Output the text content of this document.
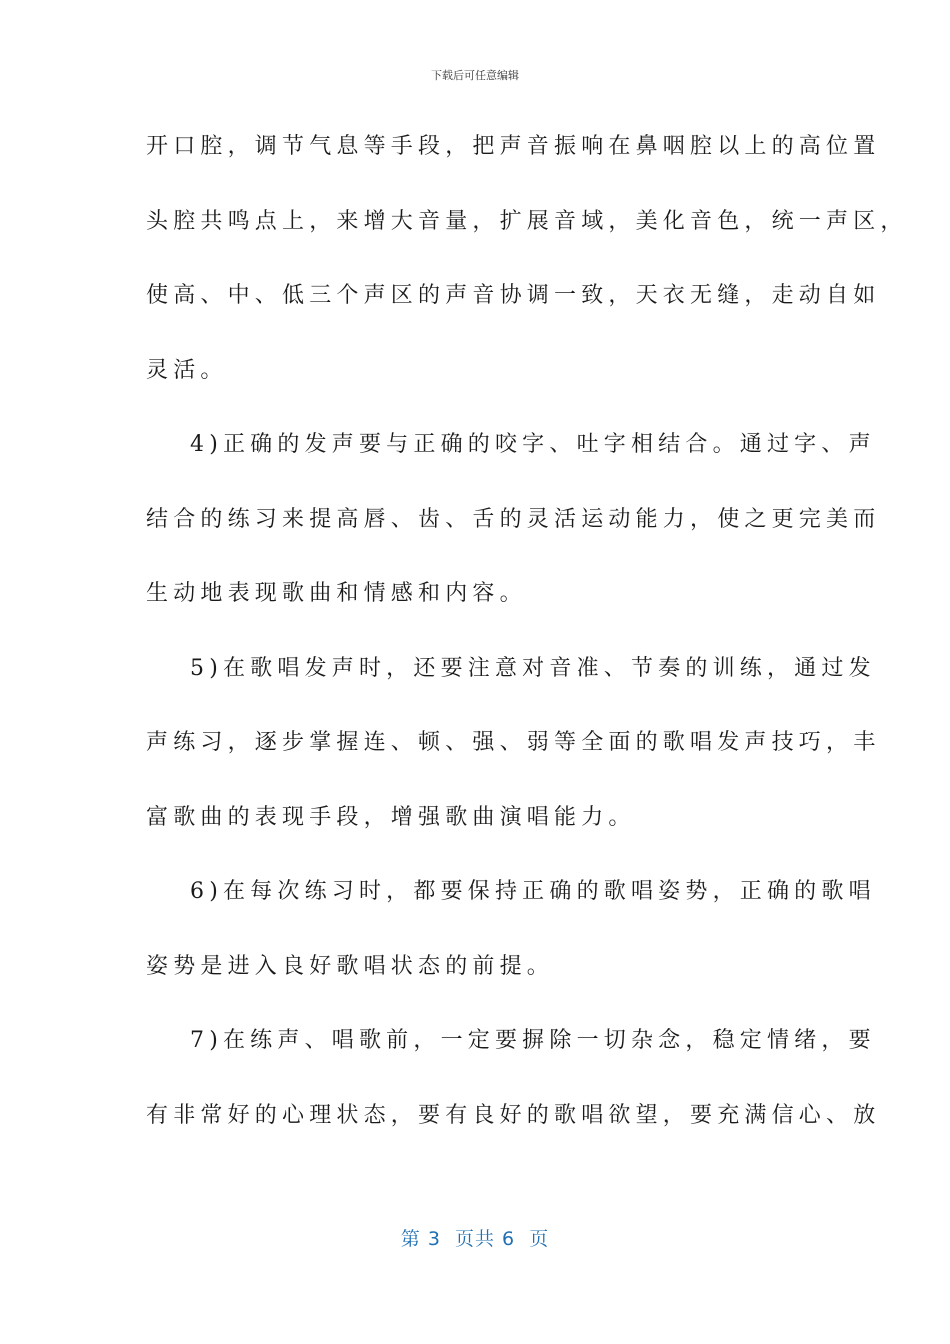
下载后可任意编辑
开口腔，调节气息等手段，把声音振响在鼻咽腔以上的高位置
头腔共鸣点上，来增大音量，扩展音域，美化音色，统一声区，
使高、中、低三个声区的声音协调一致，天衣无缝，走动自如
灵活。
4)正确的发声要与正确的咬字、吐字相结合。通过字、声
结合的练习来提高唇、齿、舌的灵活运动能力，使之更完美而
生动地表现歌曲和情感和内容。
5)在歌唱发声时，还要注意对音准、节奏的训练，通过发
声练习，逐步掌握连、顿、强、弱等全面的歌唱发声技巧，丰
富歌曲的表现手段，增强歌曲演唱能力。
6)在每次练习时，都要保持正确的歌唱姿势，正确的歌唱
姿势是进入良好歌唱状态的前提。
7)在练声、唱歌前，一定要摒除一切杂念，稳定情绪，要
有非常好的心理状态，要有良好的歌唱欲望，要充满信心、放
第 3  页共 6  页
